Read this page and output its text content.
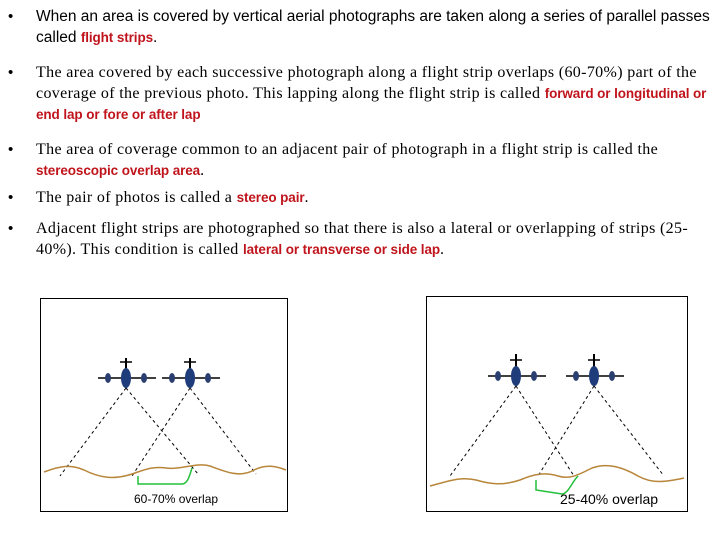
• When an area is covered by vertical aerial photographs are taken along a series of parallel passes called flight strips.
• The area covered by each successive photograph along a flight strip overlaps (60-70%) part of the coverage of the previous photo. This lapping along the flight strip is called forward or longitudinal or end lap or fore or after lap
• The area of coverage common to an adjacent pair of photograph in a flight strip is called the stereoscopic overlap area.
• The pair of photos is called a stereo pair.
• Adjacent flight strips are photographed so that there is also a lateral or overlapping of strips (25-40%). This condition is called lateral or transverse or side lap.
60-70% overlap	25-40% overlap
